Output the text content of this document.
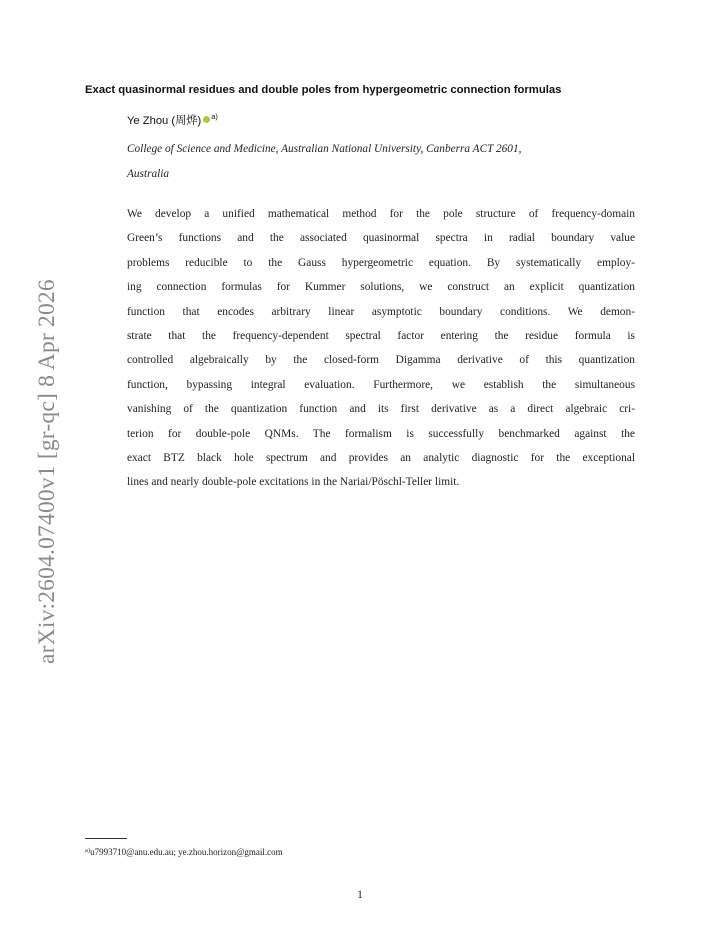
arXiv:2604.07400v1 [gr-qc] 8 Apr 2026
Exact quasinormal residues and double poles from hypergeometric connection formulas
Ye Zhou (周烨) a)
College of Science and Medicine, Australian National University, Canberra ACT 2601,
Australia
We develop a unified mathematical method for the pole structure of frequency-domain
Green’s functions and the associated quasinormal spectra in radial boundary value
problems reducible to the Gauss hypergeometric equation. By systematically employ-
ing connection formulas for Kummer solutions, we construct an explicit quantization
function that encodes arbitrary linear asymptotic boundary conditions. We demon-
strate that the frequency-dependent spectral factor entering the residue formula is
controlled algebraically by the closed-form Digamma derivative of this quantization
function, bypassing integral evaluation. Furthermore, we establish the simultaneous
vanishing of the quantization function and its first derivative as a direct algebraic cri-
terion for double-pole QNMs. The formalism is successfully benchmarked against the
exact BTZ black hole spectrum and provides an analytic diagnostic for the exceptional
lines and nearly double-pole excitations in the Nariai/Pöschl-Teller limit.
$^{a)}$u7993710@anu.edu.au; ye.zhou.horizon@gmail.com
1
